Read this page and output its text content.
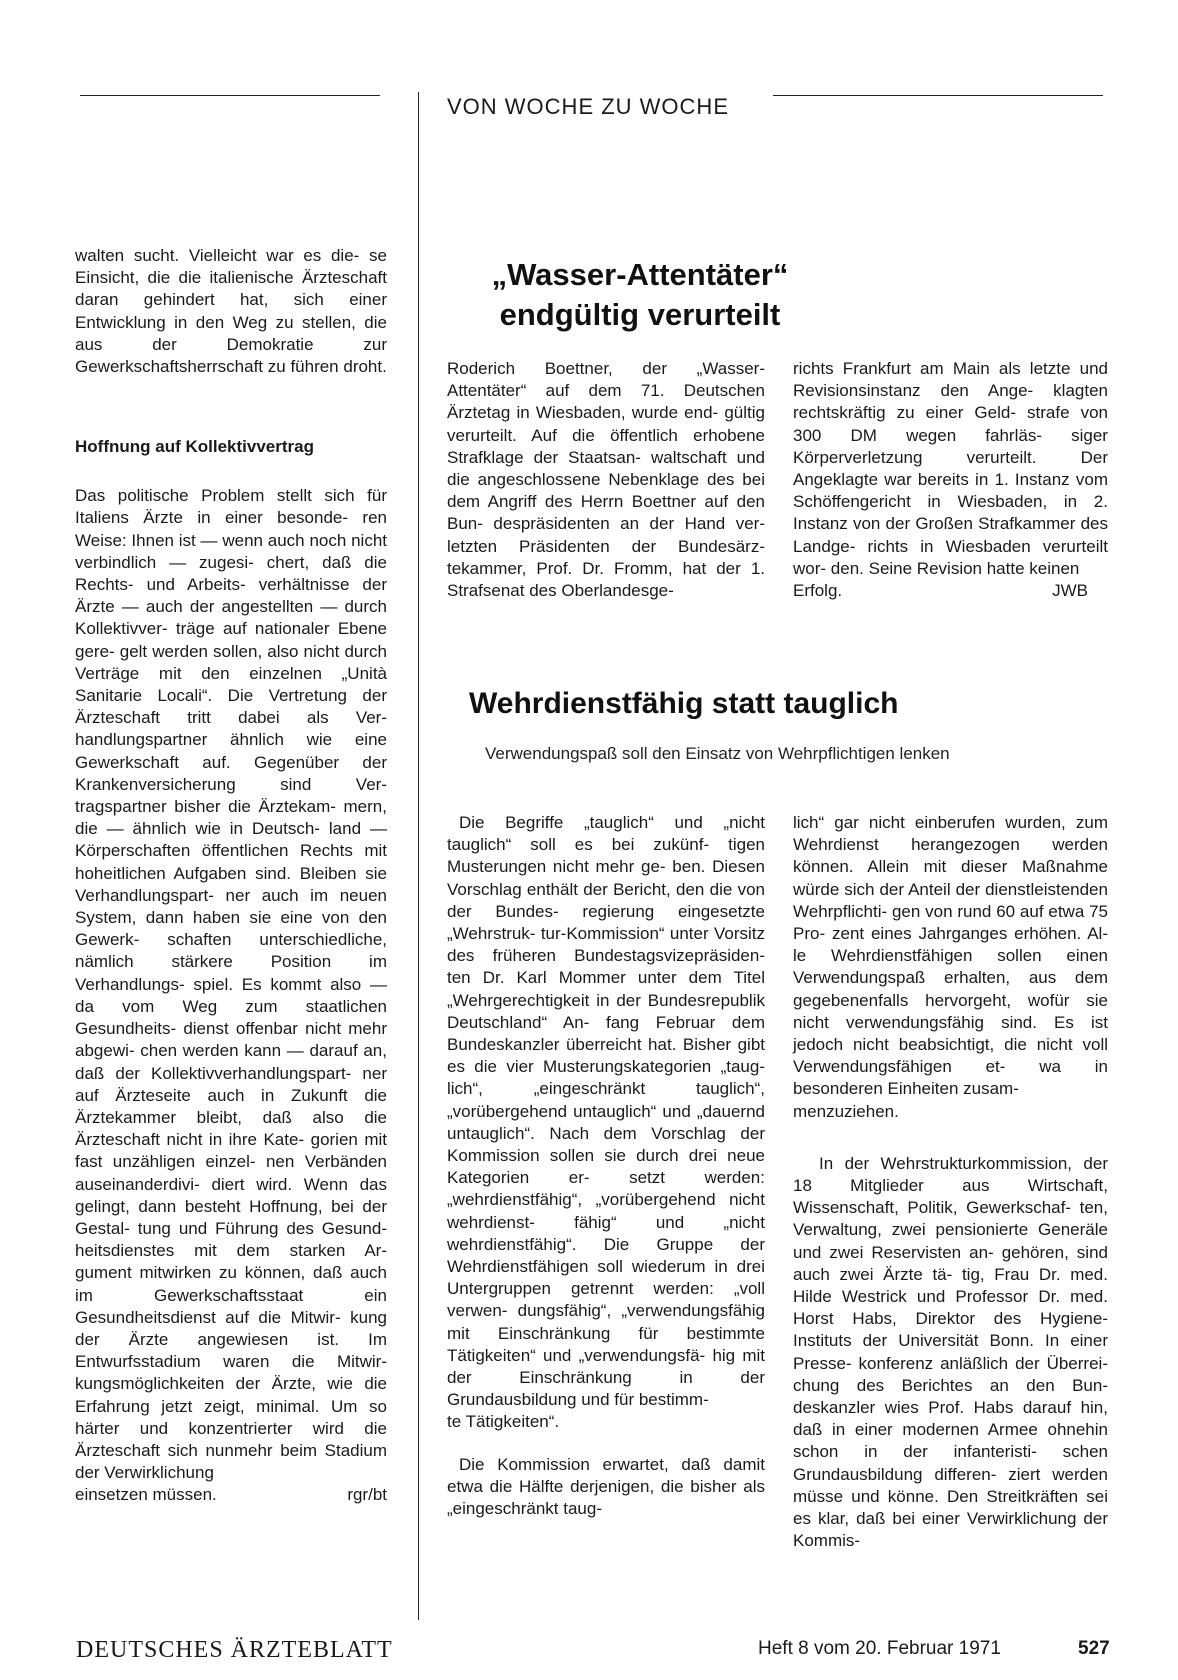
VON WOCHE ZU WOCHE

walten sucht. Vielleicht war es die- se Einsicht, die die italienische Ärzteschaft daran gehindert hat, sich einer Entwicklung in den Weg zu stellen, die aus der Demokratie	zur Gewerkschaftsherrschaft zu führen droht.

Hoffnung auf Kollektivvertrag

Das politische Problem stellt sich für Italiens Ärzte in einer besonde- ren Weise: Ihnen ist — wenn auch noch nicht verbindlich — zugesi- chert, daß die Rechts- und Arbeits- verhältnisse der Ärzte — auch der angestellten — durch Kollektivver- träge auf nationaler Ebene gere- gelt werden sollen, also nicht durch Verträge mit den einzelnen „Unità Sanitarie Locali“. Die Vertretung der Ärzteschaft tritt dabei als Ver- handlungspartner ähnlich wie eine Gewerkschaft auf. Gegenüber der Krankenversicherung sind Ver- tragspartner bisher die Ärztekam- mern, die — ähnlich wie in Deutsch- land — Körperschaften öffentlichen Rechts mit hoheitlichen Aufgaben sind. Bleiben sie Verhandlungspart- ner auch im neuen System, dann haben sie eine von den Gewerk- schaften unterschiedliche, nämlich stärkere Position im Verhandlungs- spiel. Es kommt also — da vom Weg zum staatlichen Gesundheits- dienst offenbar nicht mehr abgewi- chen werden kann — darauf an, daß der Kollektivverhandlungspart- ner auf Ärzteseite auch in Zukunft die Ärztekammer bleibt, daß also die Ärzteschaft nicht in ihre Kate- gorien mit fast unzähligen einzel- nen Verbänden auseinanderdivi- diert wird. Wenn das gelingt, dann besteht Hoffnung, bei der Gestal- tung und Führung des Gesund- heitsdienstes mit dem starken Ar- gument mitwirken zu können, daß auch im Gewerkschaftsstaat ein Gesundheitsdienst auf die Mitwir- kung der Ärzte angewiesen ist. Im Entwurfsstadium waren die Mitwir- kungsmöglichkeiten der Ärzte, wie die Erfahrung jetzt zeigt, minimal. Um so härter und konzentrierter wird die Ärzteschaft sich nunmehr beim Stadium der Verwirklichung

einsetzen müssen.	rgr/bt

„Wasser-Attentäter“
endgültig verurteilt

Roderich Boettner, der „Wasser- Attentäter“ auf dem 71. Deutschen Ärztetag in Wiesbaden, wurde end- gültig verurteilt. Auf die öffentlich erhobene Strafklage der Staatsan- waltschaft und die angeschlossene Nebenklage des bei dem Angriff des Herrn Boettner auf den Bun- despräsidenten an der Hand ver- letzten Präsidenten der Bundesärz- tekammer, Prof. Dr. Fromm, hat der 1. Strafsenat des Oberlandesge-

richts Frankfurt am Main als letzte und Revisionsinstanz den Ange- klagten rechtskräftig zu einer Geld- strafe von 300 DM wegen fahrläs- siger Körperverletzung verurteilt.	Der Angeklagte war bereits in 1. Instanz vom Schöffengericht in Wiesbaden, in 2. Instanz von der Großen Strafkammer des Landge- richts in Wiesbaden verurteilt wor- den. Seine Revision hatte keinen

Erfolg.	JWB

Wehrdienstfähig statt tauglich
Verwendungspaß soll den Einsatz von Wehrpflichtigen lenken

Die Begriffe „tauglich“ und „nicht tauglich“ soll es bei zukünf- tigen Musterungen nicht mehr ge- ben. Diesen Vorschlag enthält der Bericht, den die von der Bundes- regierung eingesetzte „Wehrstruk- tur-Kommission“ unter Vorsitz des früheren Bundestagsvizepräsiden- ten Dr. Karl Mommer unter dem Titel „Wehrgerechtigkeit in der Bundesrepublik Deutschland“ An- fang Februar dem Bundeskanzler überreicht hat. Bisher gibt es die vier Musterungskategorien „taug- lich“, „eingeschränkt tauglich“, „vorübergehend untauglich“ und „dauernd untauglich“. Nach dem Vorschlag der Kommission sollen sie durch drei neue Kategorien er- setzt werden: „wehrdienstfähig“, „vorübergehend nicht wehrdienst- fähig“ und „nicht wehrdienstfähig“. Die Gruppe der Wehrdienstfähigen soll wiederum in drei Untergruppen getrennt werden: „voll verwen- dungsfähig“, „verwendungsfähig mit Einschränkung für bestimmte Tätigkeiten“ und „verwendungsfä- hig mit der Einschränkung in der Grundausbildung und für bestimm-

te Tätigkeiten“.

Die Kommission erwartet, daß damit etwa die Hälfte derjenigen, die bisher als „eingeschränkt taug-

lich“ gar nicht einberufen wurden, zum Wehrdienst herangezogen werden können. Allein mit dieser Maßnahme würde sich der Anteil der dienstleistenden Wehrpflichti- gen von rund 60 auf etwa 75 Pro- zent eines Jahrganges erhöhen. Al- le Wehrdienstfähigen sollen einen Verwendungspaß erhalten, aus dem gegebenenfalls hervorgeht, wofür sie nicht verwendungsfähig sind. Es ist jedoch nicht beabsichtigt, die nicht voll Verwendungsfähigen et- wa in besonderen Einheiten zusam-

menzuziehen.

In der Wehrstrukturkommission, der 18 Mitglieder aus Wirtschaft, Wissenschaft, Politik, Gewerkschaf- ten, Verwaltung, zwei pensionierte Generäle und zwei Reservisten an- gehören, sind auch zwei Ärzte tä- tig, Frau Dr. med. Hilde Westrick und Professor Dr. med. Horst Habs, Direktor des Hygiene-Instituts der Universität Bonn. In einer Presse- konferenz anläßlich der Überrei- chung des Berichtes an den Bun- deskanzler wies Prof. Habs darauf hin, daß in einer modernen Armee ohnehin schon in der infanteristi- schen Grundausbildung differen- ziert werden müsse und könne. Den Streitkräften sei es klar, daß bei einer Verwirklichung der Kommis-

DEUTSCHES ÄRZTEBLATT	Heft 8 vom 20. Februar 1971	527
